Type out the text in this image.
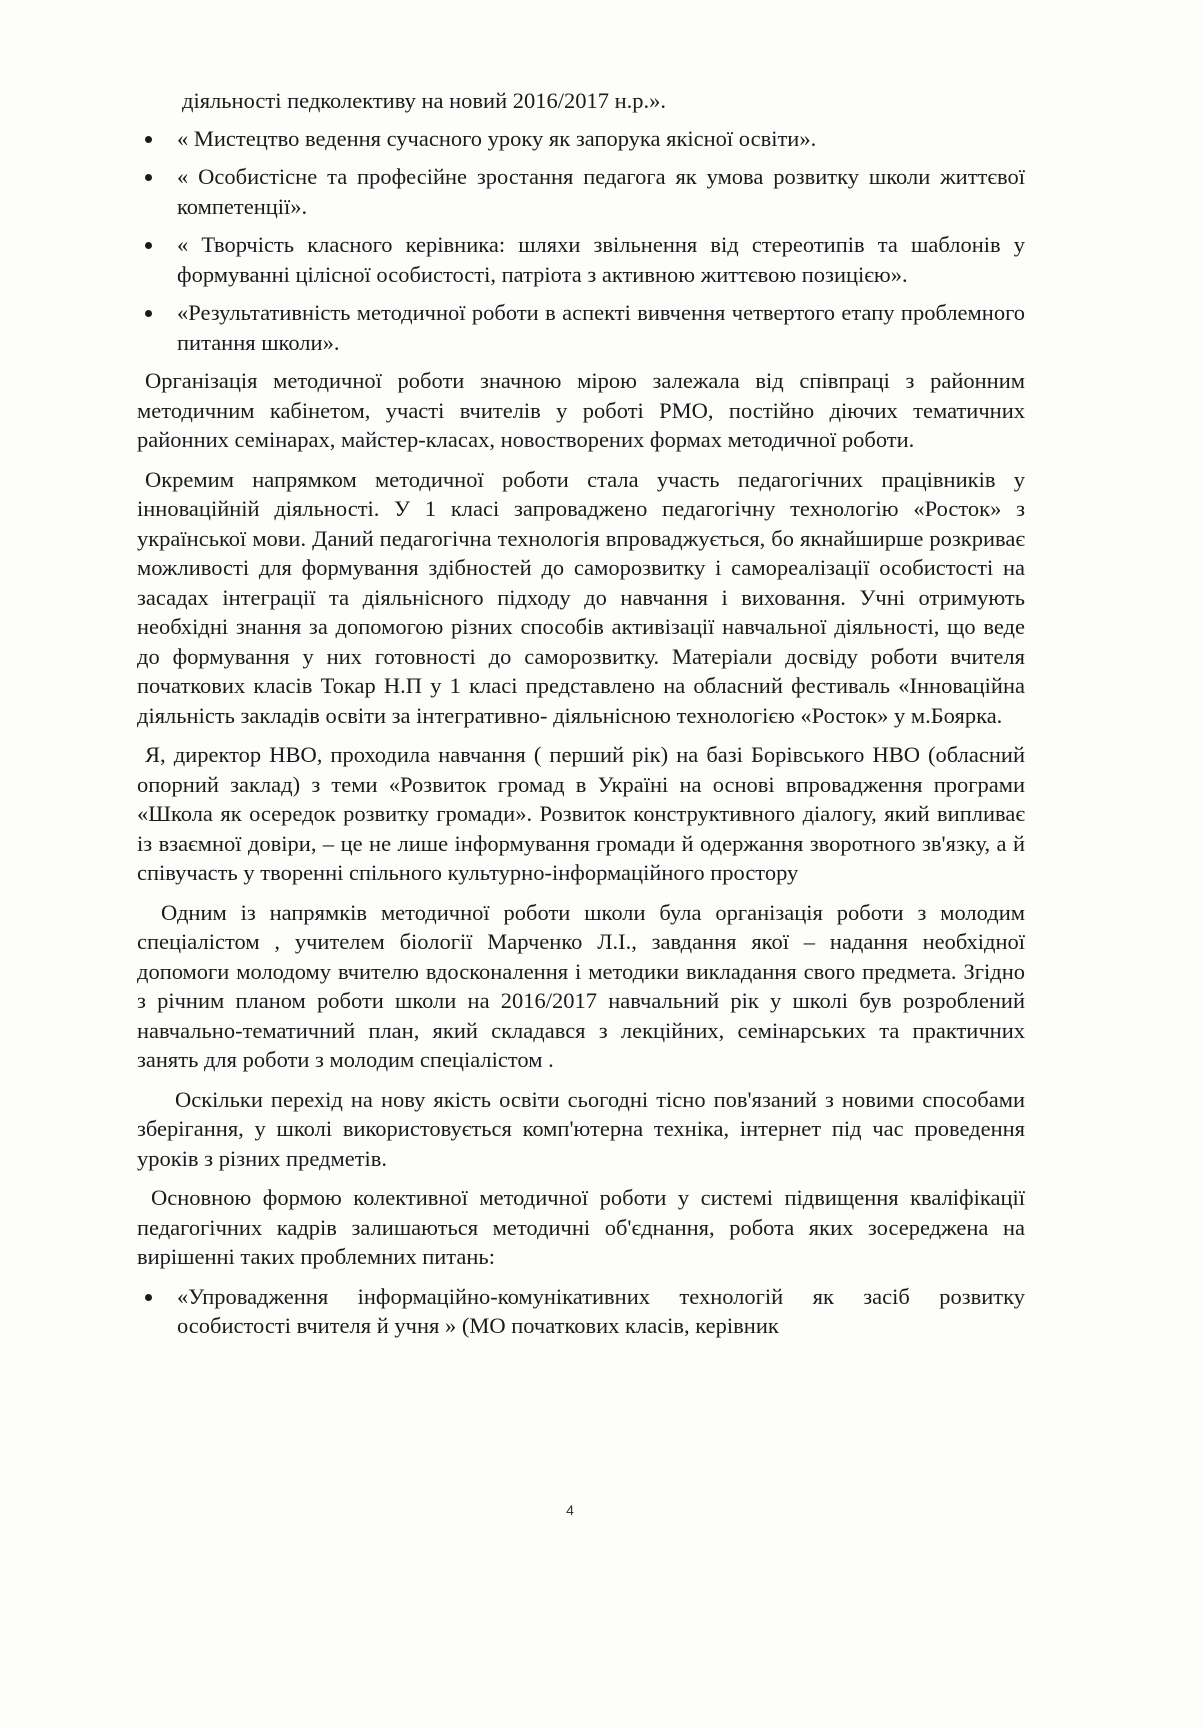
діяльності педколективу на новий 2016/2017 н.р.».

« Мистецтво ведення сучасного уроку як запорука якісної освіти».
« Особистісне та професійне зростання педагога як умова розвитку школи життєвої компетенції».
« Творчість класного керівника: шляхи звільнення від стереотипів та шаблонів у формуванні цілісної особистості, патріота з активною життєвою позицією».
«Результативність методичної роботи в аспекті вивчення четвертого етапу проблемного питання школи».

Організація методичної роботи значною мірою залежала від співпраці з районним методичним кабінетом, участі вчителів у роботі РМО, постійно діючих тематичних районних семінарах, майстер-класах, новостворених формах методичної роботи.

Окремим напрямком методичної роботи стала участь педагогічних працівників у інноваційній діяльності. У 1 класі запроваджено педагогічну технологію «Росток» з української мови. Даний педагогічна технологія впроваджується, бо якнайширше розкриває можливості для формування здібностей до саморозвитку і самореалізації особистості на засадах інтеграції та діяльнісного підходу до навчання і виховання. Учні отримують необхідні знання за допомогою різних способів активізації навчальної діяльності, що веде до формування у них готовності до саморозвитку. Матеріали досвіду роботи вчителя початкових класів Токар Н.П у 1 класі представлено на обласний фестиваль «Інноваційна діяльність закладів освіти за інтегративно- діяльнісною технологією «Росток» у м.Боярка.

Я, директор НВО, проходила навчання ( перший рік) на базі Борівського НВО (обласний опорний заклад) з теми «Розвиток громад в Україні на основі впровадження програми «Школа як осередок розвитку громади». Розвиток конструктивного діалогу, який випливає із взаємної довіри, – це не лише інформування громади й одержання зворотного зв'язку, а й співучасть у творенні спільного культурно-інформаційного простору

Одним із напрямків методичної роботи школи була організація роботи з молодим спеціалістом , учителем біології Марченко Л.І., завдання якої – надання необхідної допомоги молодому вчителю вдосконалення і методики викладання свого предмета. Згідно з річним планом роботи школи на 2016/2017 навчальний рік у школі був розроблений навчально-тематичний план, який складався з лекційних, семінарських та практичних занять для роботи з молодим спеціалістом .

Оскільки перехід на нову якість освіти сьогодні тісно пов'язаний з новими способами зберігання, у школі використовується комп'ютерна техніка, інтернет під час проведення уроків з різних предметів.

Основною формою колективної методичної роботи у системі підвищення кваліфікації педагогічних кадрів залишаються методичні об'єднання, робота яких зосереджена на вирішенні таких проблемних питань:

«Упровадження інформаційно-комунікативних технологій як засіб розвитку особистості вчителя й учня » (МО початкових класів, керівник
4
